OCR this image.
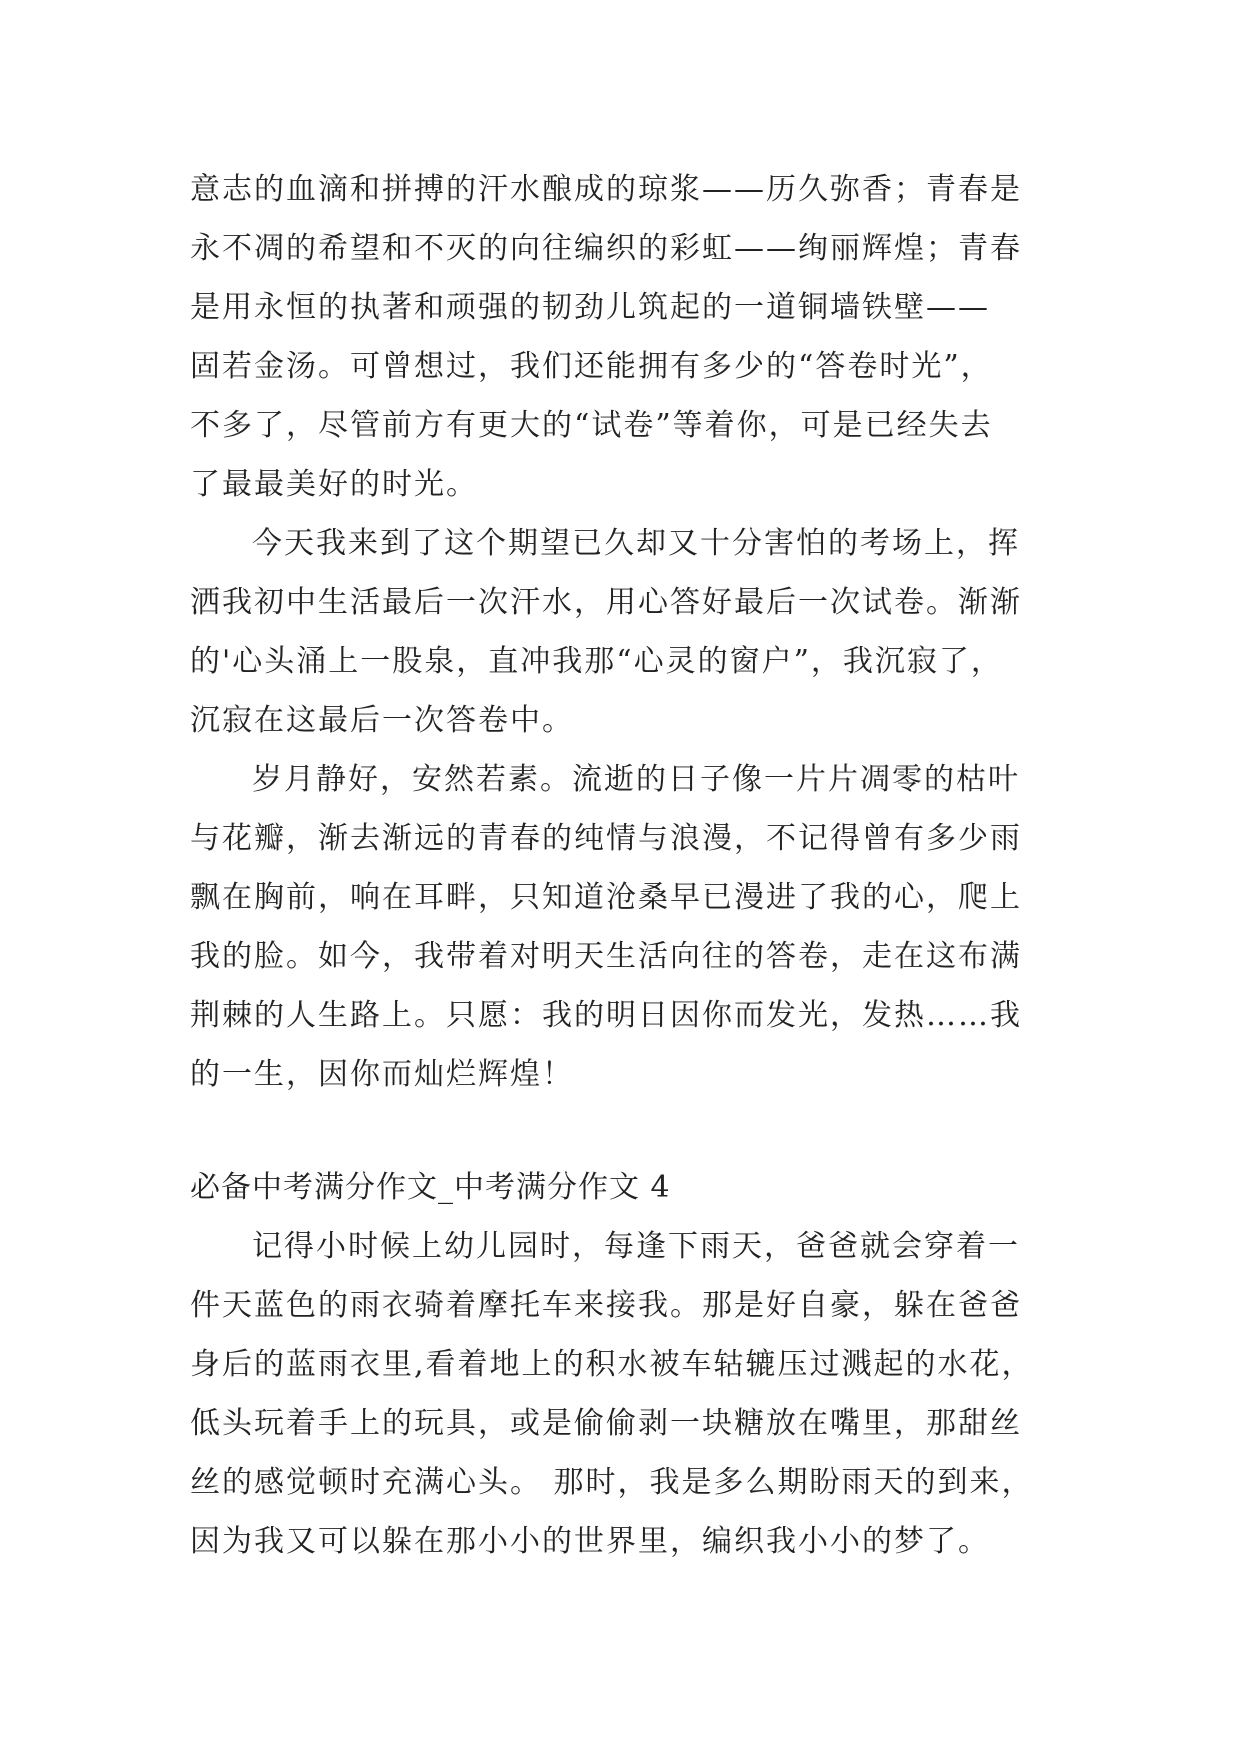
意志的血滴和拼搏的汗水酿成的琼浆——历久弥香；青春是
永不凋的希望和不灭的向往编织的彩虹——绚丽辉煌；青春
是用永恒的执著和顽强的韧劲儿筑起的一道铜墙铁壁——
固若金汤。可曾想过，我们还能拥有多少的“答卷时光”，
不多了，尽管前方有更大的“试卷”等着你，可是已经失去
了最最美好的时光。
今天我来到了这个期望已久却又十分害怕的考场上，挥
洒我初中生活最后一次汗水，用心答好最后一次试卷。渐渐
的'心头涌上一股泉，直冲我那“心灵的窗户”，我沉寂了，
沉寂在这最后一次答卷中。
岁月静好，安然若素。流逝的日子像一片片凋零的枯叶
与花瓣，渐去渐远的青春的纯情与浪漫，不记得曾有多少雨
飘在胸前，响在耳畔，只知道沧桑早已漫进了我的心，爬上
我的脸。如今，我带着对明天生活向往的答卷，走在这布满
荆棘的人生路上。只愿：我的明日因你而发光，发热……我
的一生，因你而灿烂辉煌！
必备中考满分作文_中考满分作文 4
记得小时候上幼儿园时，每逢下雨天，爸爸就会穿着一
件天蓝色的雨衣骑着摩托车来接我。那是好自豪，躲在爸爸
身后的蓝雨衣里,看着地上的积水被车轱辘压过溅起的水花，
低头玩着手上的玩具，或是偷偷剥一块糖放在嘴里，那甜丝
丝的感觉顿时充满心头。 那时，我是多么期盼雨天的到来，
因为我又可以躲在那小小的世界里，编织我小小的梦了。
